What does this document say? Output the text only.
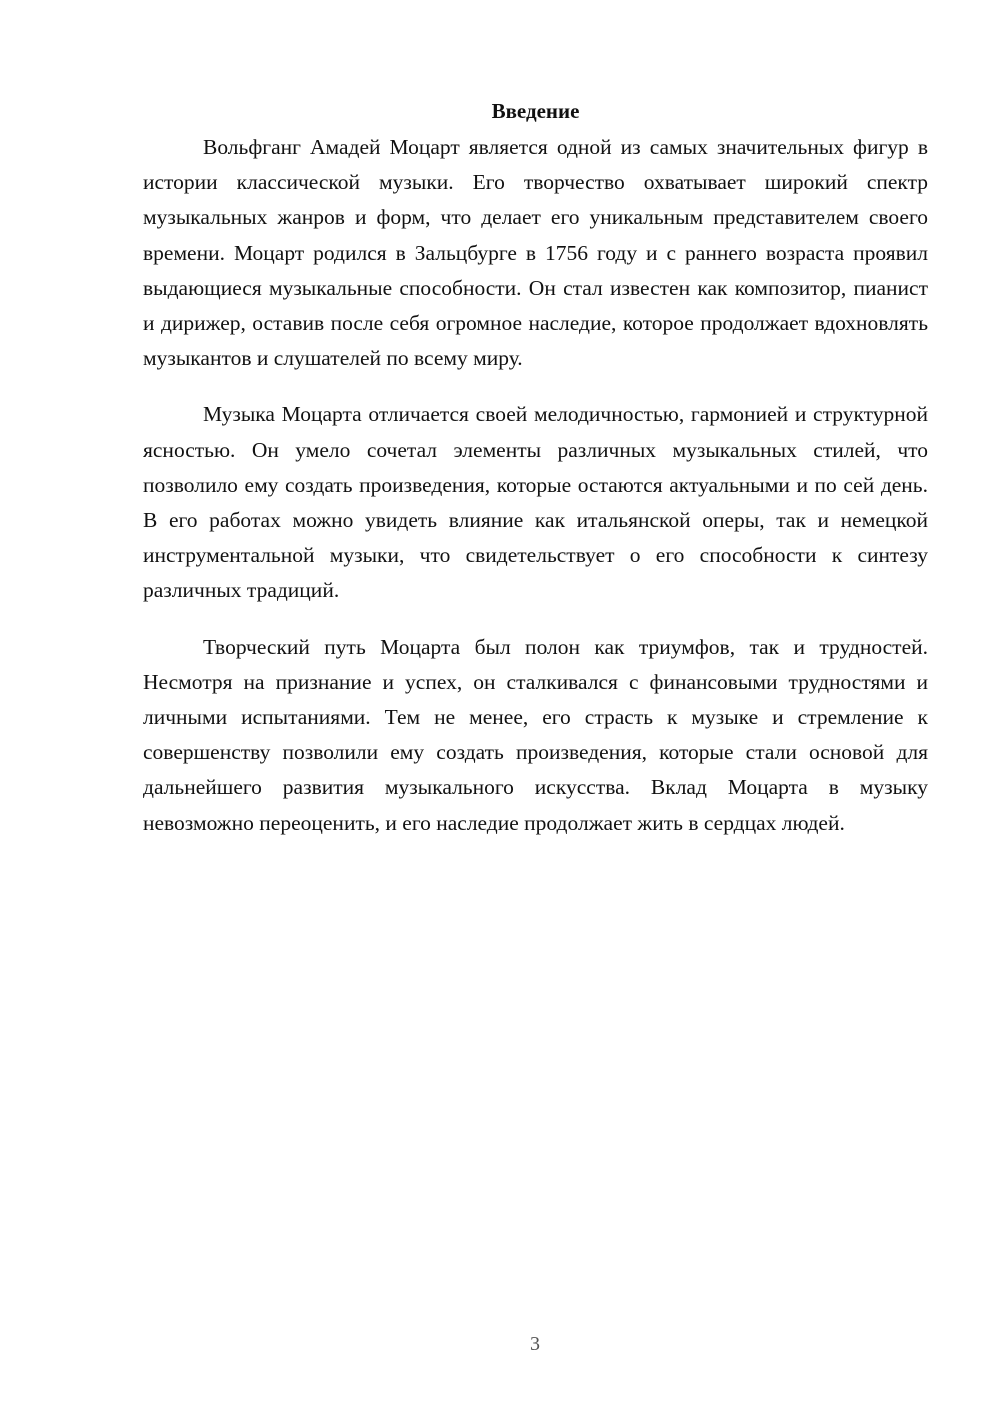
Введение

Вольфганг Амадей Моцарт является одной из самых значительных фигур в истории классической музыки. Его творчество охватывает широкий спектр музыкальных жанров и форм, что делает его уникальным представителем своего времени. Моцарт родился в Зальцбурге в 1756 году и с раннего возраста проявил выдающиеся музыкальные способности. Он стал известен как композитор, пианист и дирижер, оставив после себя огромное наследие, которое продолжает вдохновлять музыкантов и слушателей по всему миру.

Музыка Моцарта отличается своей мелодичностью, гармонией и структурной ясностью. Он умело сочетал элементы различных музыкальных стилей, что позволило ему создать произведения, которые остаются актуальными и по сей день. В его работах можно увидеть влияние как итальянской оперы, так и немецкой инструментальной музыки, что свидетельствует о его способности к синтезу различных традиций.

Творческий путь Моцарта был полон как триумфов, так и трудностей. Несмотря на признание и успех, он сталкивался с финансовыми трудностями и личными испытаниями. Тем не менее, его страсть к музыке и стремление к совершенству позволили ему создать произведения, которые стали основой для дальнейшего развития музыкального искусства. Вклад Моцарта в музыку невозможно переоценить, и его наследие продолжает жить в сердцах людей.

3
